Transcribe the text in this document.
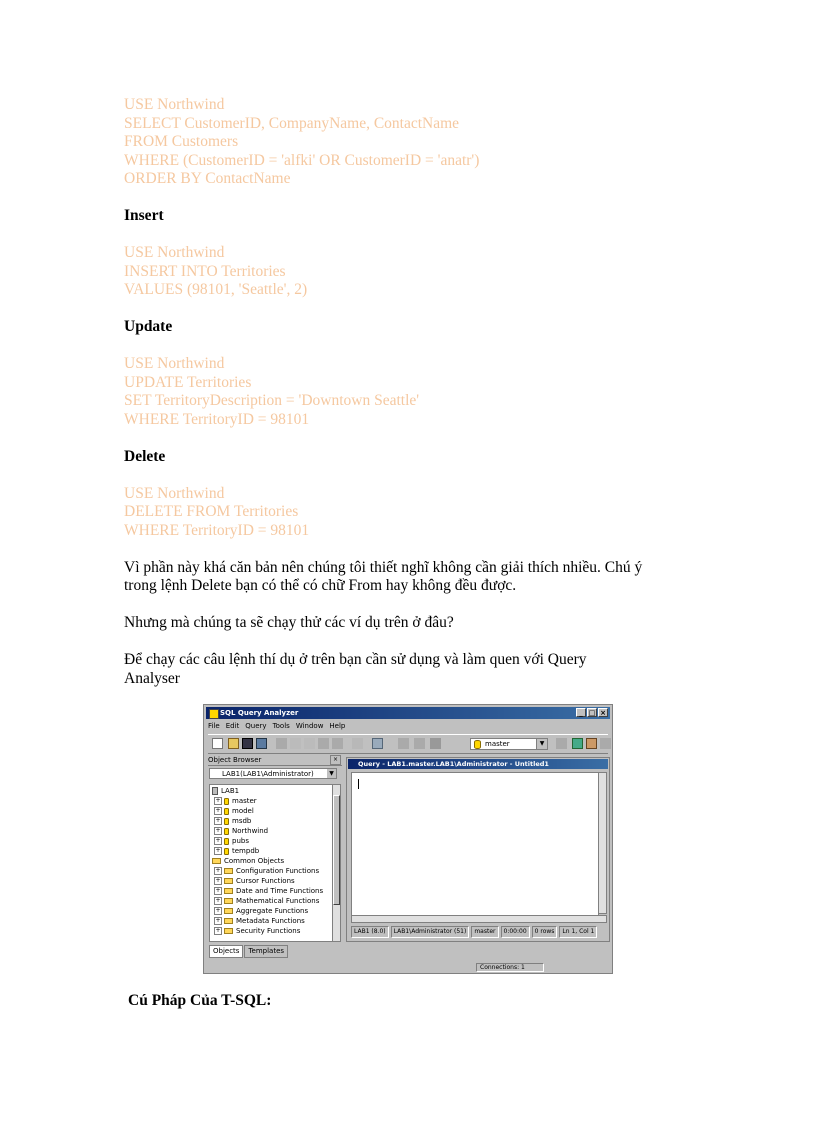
USE Northwind
SELECT CustomerID, CompanyName, ContactName
FROM Customers
WHERE (CustomerID = 'alfki' OR CustomerID = 'anatr')
ORDER BY ContactName
Insert
USE Northwind
INSERT INTO Territories
VALUES (98101, 'Seattle', 2)
Update
USE Northwind
UPDATE Territories
SET TerritoryDescription = 'Downtown Seattle'
WHERE TerritoryID = 98101
Delete
USE Northwind
DELETE FROM Territories
WHERE TerritoryID = 98101
Vì phần này khá căn bản nên chúng tôi thiết nghĩ không cần giải thích nhiều. Chú ý
trong lệnh Delete bạn có thể có chữ From hay không đều được.
Nhưng mà chúng ta sẽ chạy thử các ví dụ trên ở đâu?
Để chạy các câu lệnh thí dụ ở trên bạn cần sử dụng và làm quen với Query
Analyser
SQL Query Analyzer	_ □ ×
File Edit Query Tools Window Help
master	▼
Object Browser	×
LAB1(LAB1\Administrator)	▼
LAB1
+ master
+ model
+ msdb
+ Northwind
+ pubs
+ tempdb
Common Objects
+ Configuration Functions
+ Cursor Functions
+ Date and Time Functions
+ Mathematical Functions
+ Aggregate Functions
+ Metadata Functions
+ Security Functions
Objects	Templates
Query - LAB1.master.LAB1\Administrator - Untitled1
LAB1 (8.0)	LAB1\Administrator (51)	master	0:00:00	0 rows	Ln 1, Col 1
Connections: 1
Cú Pháp Của T-SQL:
